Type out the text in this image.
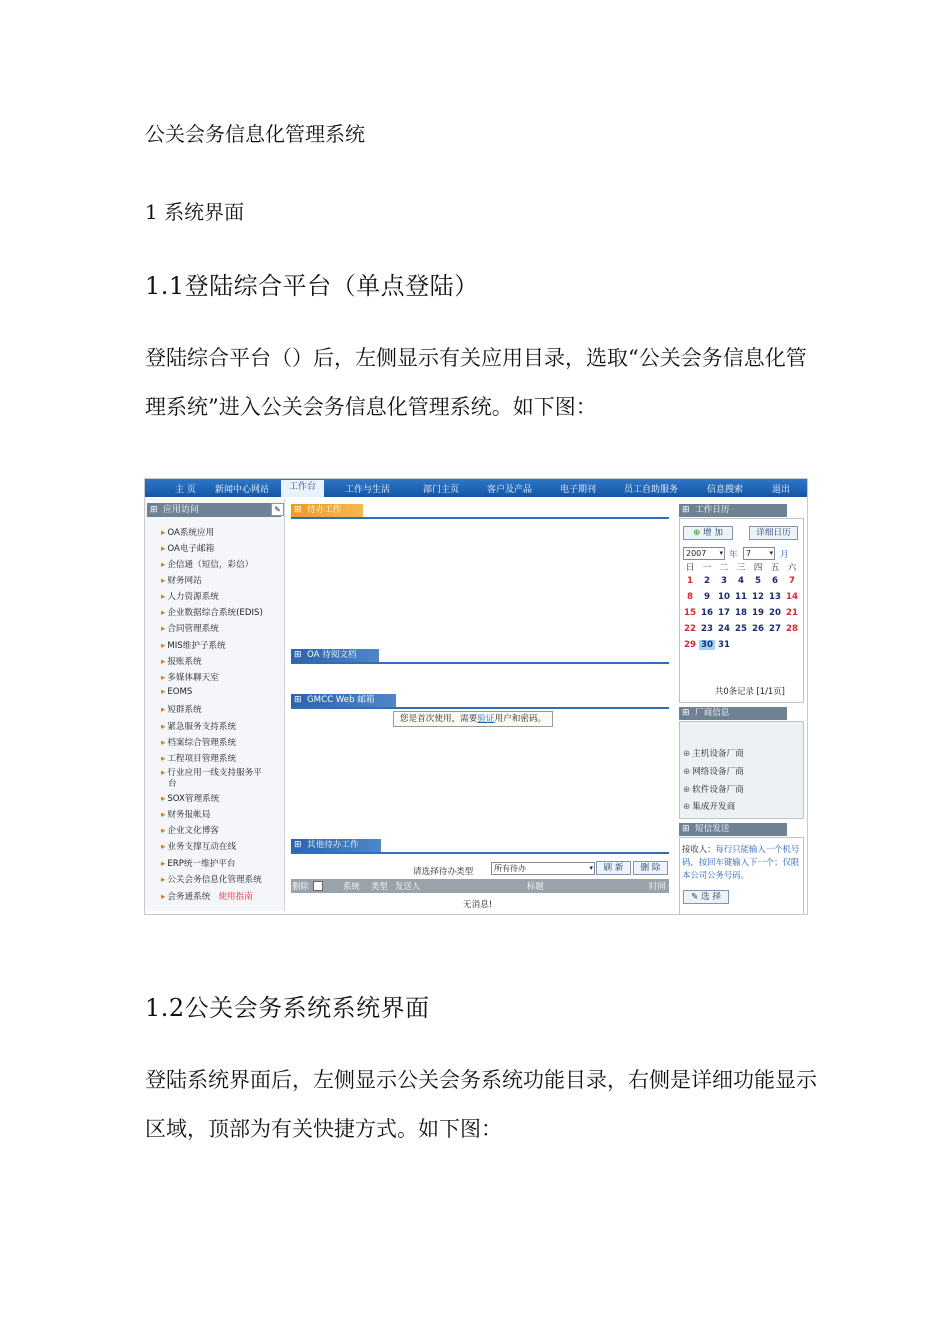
公关会务信息化管理系统
1 系统界面
1.1登陆综合平台（单点登陆）

登陆综合平台（）后，左侧显示有关应用目录，选取“公关会务信息化管理系统”进入公关会务信息化管理系统。如下图：

主 页 新闻中心网站	工作台	工作与生活	部门主页	客户及产品	电子期刊	员工自助服务	信息搜索	退出
⊞ 应用访问	✎
▸ OA系统应用
▸ OA电子邮箱
▸ 企信通（短信，彩信）
▸ 财务网站
▸ 人力资源系统
▸ 企业数据综合系统(EDIS)
▸ 合同管理系统
▸ MIS维护子系统
▸ 报账系统
▸ 多媒体聊天室
▸ EOMS
▸ 短群系统
▸ 紧急服务支持系统
▸ 档案综合管理系统
▸ 工程项目管理系统
▸ 行业应用一线支持服务平
台
▸ SOX管理系统
▸ 财务报帐局
▸ 企业文化博客
▸ 业务支撑互动在线
▸ ERP统一维护平台
▸ 公关会务信息化管理系统
▸ 会务通系统 使用指南
⊞ 待办工作
⊞ OA 待阅文档
⊞ GMCC Web 邮箱
您是首次使用，需要验证用户和密码。
⊞ 其他待办工作
请选择待办类型	所有待办	▾	刷 新	删 除
删除	系统 类型 发送人	标题	时间
无消息!
⊞ 工作日历
⊕ 增 加	详细日历
2007 ▾ 年	7	▾ 月
日 一 二 三 四 五 六
1	2	3	4	5	6	7
8	9 10 11 12 13 14
15 16 17 18 19 20 21
22 23 24 25 26 27 28
29 30 31
共0条记录 [1/1页]
⊞ 厂商信息
⊕ 主机设备厂商
⊕ 网络设备厂商
⊕ 软件设备厂商
⊕ 集成开发商
⊞ 短信发送
接收人：每行只能输入一个机号码，按回车键输入下一个；仅限本公司公务号码。
✎ 选 择
1.2公关会务系统系统界面

登陆系统界面后，左侧显示公关会务系统功能目录，右侧是详细功能显示区域，顶部为有关快捷方式。如下图：
